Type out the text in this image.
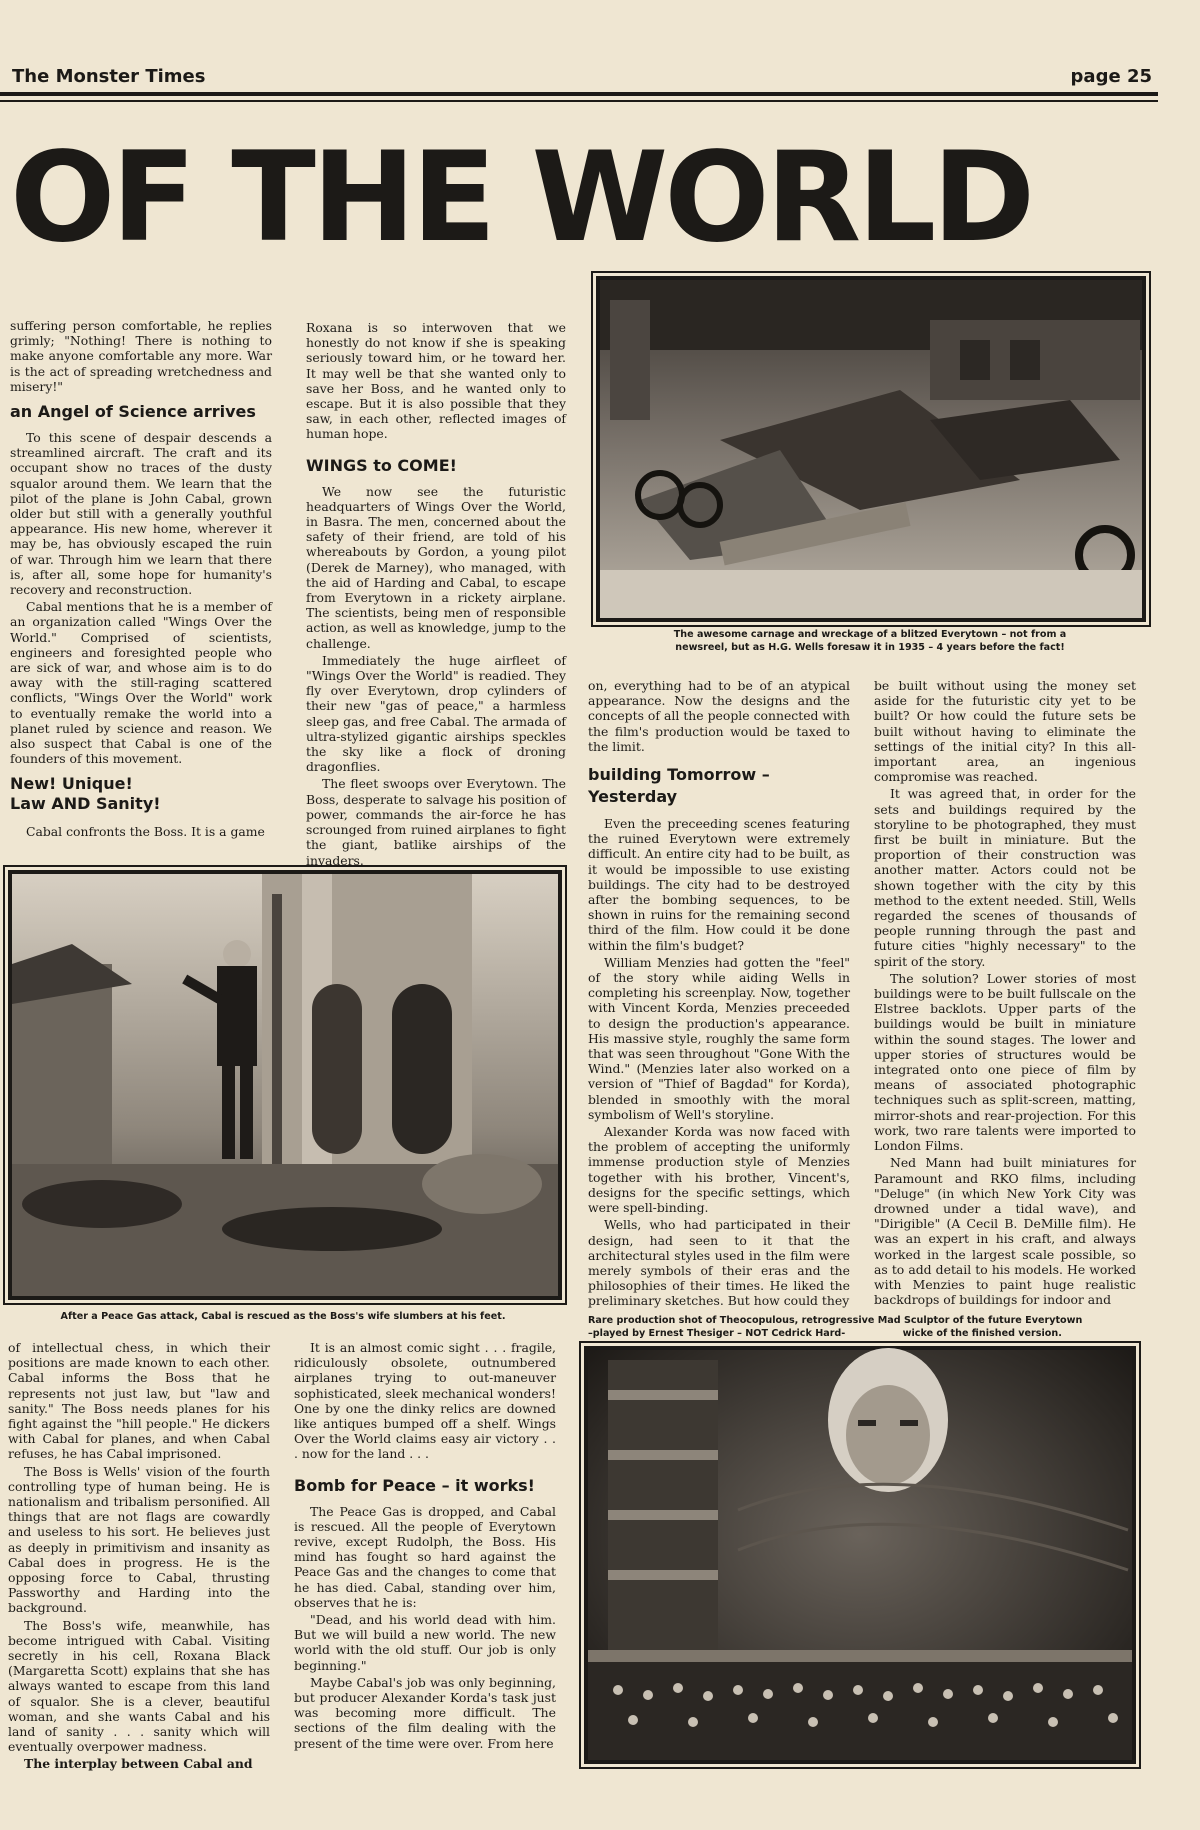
The Monster Times	page 25
OF THE WORLD
The awesome carnage and wreckage of a blitzed Everytown – not from a
newsreel, but as H.G. Wells foresaw it in 1935 – 4 years before the fact!

suffering person comfortable, he replies grimly; "Nothing! There is nothing to make anyone comfortable any more. War is the act of spreading wretchedness and misery!"

an Angel of Science arrives

To this scene of despair descends a streamlined aircraft. The craft and its occupant show no traces of the dusty squalor around them. We learn that the pilot of the plane is John Cabal, grown older but still with a generally youthful appearance. His new home, wherever it may be, has obviously escaped the ruin of war. Through him we learn that there is, after all, some hope for humanity's recovery and reconstruction.

Cabal mentions that he is a member of an organization called "Wings Over the World." Comprised of scientists, engineers and foresighted people who are sick of war, and whose aim is to do away with the still-raging scattered conflicts, "Wings Over the World" work to eventually remake the world into a planet ruled by science and reason. We also suspect that Cabal is one of the founders of this movement.

New! Unique!
Law AND Sanity!

Cabal confronts the Boss. It is a game

Roxana is so interwoven that we honestly do not know if she is speaking seriously toward him, or he toward her. It may well be that she wanted only to save her Boss, and he wanted only to escape. But it is also possible that they saw, in each other, reflected images of human hope.

WINGS to COME!

We now see the futuristic headquarters of Wings Over the World, in Basra. The men, concerned about the safety of their friend, are told of his whereabouts by Gordon, a young pilot (Derek de Marney), who managed, with the aid of Harding and Cabal, to escape from Everytown in a rickety airplane. The scientists, being men of responsible action, as well as knowledge, jump to the challenge.

Immediately the huge airfleet of "Wings Over the World" is readied. They fly over Everytown, drop cylinders of their new "gas of peace," a harmless sleep gas, and free Cabal. The armada of ultra-stylized gigantic airships speckles the sky like a flock of droning dragonflies.

The fleet swoops over Everytown. The Boss, desperate to salvage his position of power, commands the air-force he has scrounged from ruined airplanes to fight the giant, batlike airships of the invaders.

After a Peace Gas attack, Cabal is rescued as the Boss's wife slumbers at his feet.

on, everything had to be of an atypical appearance. Now the designs and the concepts of all the people connected with the film's production would be taxed to the limit.

building Tomorrow –
Yesterday

Even the preceeding scenes featuring the ruined Everytown were extremely difficult. An entire city had to be built, as it would be impossible to use existing buildings. The city had to be destroyed after the bombing sequences, to be shown in ruins for the remaining second third of the film. How could it be done within the film's budget?

William Menzies had gotten the "feel" of the story while aiding Wells in completing his screenplay. Now, together with Vincent Korda, Menzies preceeded to design the production's appearance. His massive style, roughly the same form that was seen throughout "Gone With the Wind." (Menzies later also worked on a version of "Thief of Bagdad" for Korda), blended in smoothly with the moral symbolism of Well's storyline.

Alexander Korda was now faced with the problem of accepting the uniformly immense production style of Menzies together with his brother, Vincent's, designs for the specific settings, which were spell-binding.

Wells, who had participated in their design, had seen to it that the architectural styles used in the film were merely symbols of their eras and the philosophies of their times. He liked the preliminary sketches. But how could they

be built without using the money set aside for the futuristic city yet to be built? Or how could the future sets be built without having to eliminate the settings of the initial city? In this all-important area, an ingenious compromise was reached.

It was agreed that, in order for the sets and buildings required by the storyline to be photographed, they must first be built in miniature. But the proportion of their construction was another matter. Actors could not be shown together with the city by this method to the extent needed. Still, Wells regarded the scenes of thousands of people running through the past and future cities "highly necessary" to the spirit of the story.

The solution? Lower stories of most buildings were to be built fullscale on the Elstree backlots. Upper parts of the buildings would be built in miniature within the sound stages. The lower and upper stories of structures would be integrated onto one piece of film by means of associated photographic techniques such as split-screen, matting, mirror-shots and rear-projection. For this work, two rare talents were imported to London Films.

Ned Mann had built miniatures for Paramount and RKO films, including "Deluge" (in which New York City was drowned under a tidal wave), and "Dirigible" (A Cecil B. DeMille film). He was an expert in his craft, and always worked in the largest scale possible, so as to add detail to his models. He worked with Menzies to paint huge realistic backdrops of buildings for indoor and

Rare production shot of Theocopulous, retrogressive Mad Sculptor of the future Everytown
–played by Ernest Thesiger – NOT Cedrick Hard-	wicke of the finished version.

of intellectual chess, in which their positions are made known to each other. Cabal informs the Boss that he represents not just law, but "law and sanity." The Boss needs planes for his fight against the "hill people." He dickers with Cabal for planes, and when Cabal refuses, he has Cabal imprisoned.

The Boss is Wells' vision of the fourth controlling type of human being. He is nationalism and tribalism personified. All things that are not flags are cowardly and useless to his sort. He believes just as deeply in primitivism and insanity as Cabal does in progress. He is the opposing force to Cabal, thrusting Passworthy and Harding into the background.

The Boss's wife, meanwhile, has become intrigued with Cabal. Visiting secretly in his cell, Roxana Black (Margaretta Scott) explains that she has always wanted to escape from this land of squalor. She is a clever, beautiful woman, and she wants Cabal and his land of sanity . . . sanity which will eventually overpower madness.

The interplay between Cabal and

It is an almost comic sight . . . fragile, ridiculously obsolete, outnumbered airplanes trying to out-maneuver sophisticated, sleek mechanical wonders! One by one the dinky relics are downed like antiques bumped off a shelf. Wings Over the World claims easy air victory . . . now for the land . . .

Bomb for Peace – it works!

The Peace Gas is dropped, and Cabal is rescued. All the people of Everytown revive, except Rudolph, the Boss. His mind has fought so hard against the Peace Gas and the changes to come that he has died. Cabal, standing over him, observes that he is:

"Dead, and his world dead with him. But we will build a new world. The new world with the old stuff. Our job is only beginning."

Maybe Cabal's job was only beginning, but producer Alexander Korda's task just was becoming more difficult. The sections of the film dealing with the present of the time were over. From here
